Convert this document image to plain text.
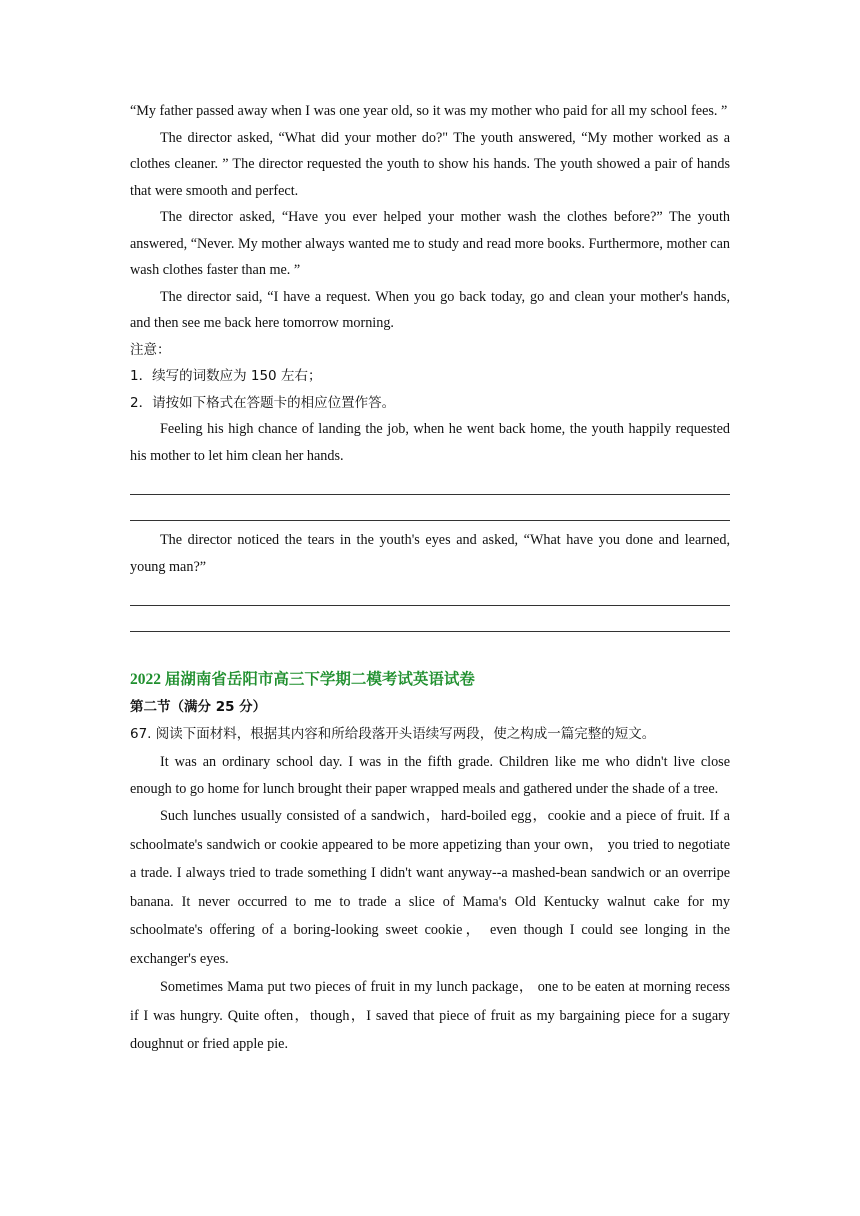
“My father passed away when I was one year old, so it was my mother who paid for all my school fees. ”

The director asked, “What did your mother do?" The youth answered, “My mother worked as a clothes cleaner. ” The director requested the youth to show his hands. The youth showed a pair of hands that were smooth and perfect.

The director asked, “Have you ever helped your mother wash the clothes before?” The youth answered, “Never. My mother always wanted me to study and read more books. Furthermore, mother can wash clothes faster than me. ”

The director said, “I have a request. When you go back today, go and clean your mother's hands, and then see me back here tomorrow morning.

注意：

1．续写的词数应为 150 左右；

2．请按如下格式在答题卡的相应位置作答。

Feeling his high chance of landing the job, when he went back home, the youth happily requested his mother to let him clean her hands.

The director noticed the tears in the youth's eyes and asked, “What have you done and learned, young man?”

2022 届湖南省岳阳市高三下学期二模考试英语试卷

第二节（满分 25 分）

67. 阅读下面材料，根据其内容和所给段落开头语续写两段，使之构成一篇完整的短文。

It was an ordinary school day. I was in the fifth grade. Children like me who didn't live close enough to go home for lunch brought their paper wrapped meals and gathered under the shade of a tree.

Such lunches usually consisted of a sandwich，hard-boiled egg，cookie and a piece of fruit. If a schoolmate's sandwich or cookie appeared to be more appetizing than your own， you tried to negotiate a trade. I always tried to trade something I didn't want anyway--a mashed-bean sandwich or an overripe banana. It never occurred to me to trade a slice of Mama's Old Kentucky walnut cake for my schoolmate's offering of a boring-looking sweet cookie， even though I could see longing in the exchanger's eyes.

Sometimes Mama put two pieces of fruit in my lunch package， one to be eaten at morning recess if I was hungry. Quite often，though，I saved that piece of fruit as my bargaining piece for a sugary doughnut or fried apple pie.
